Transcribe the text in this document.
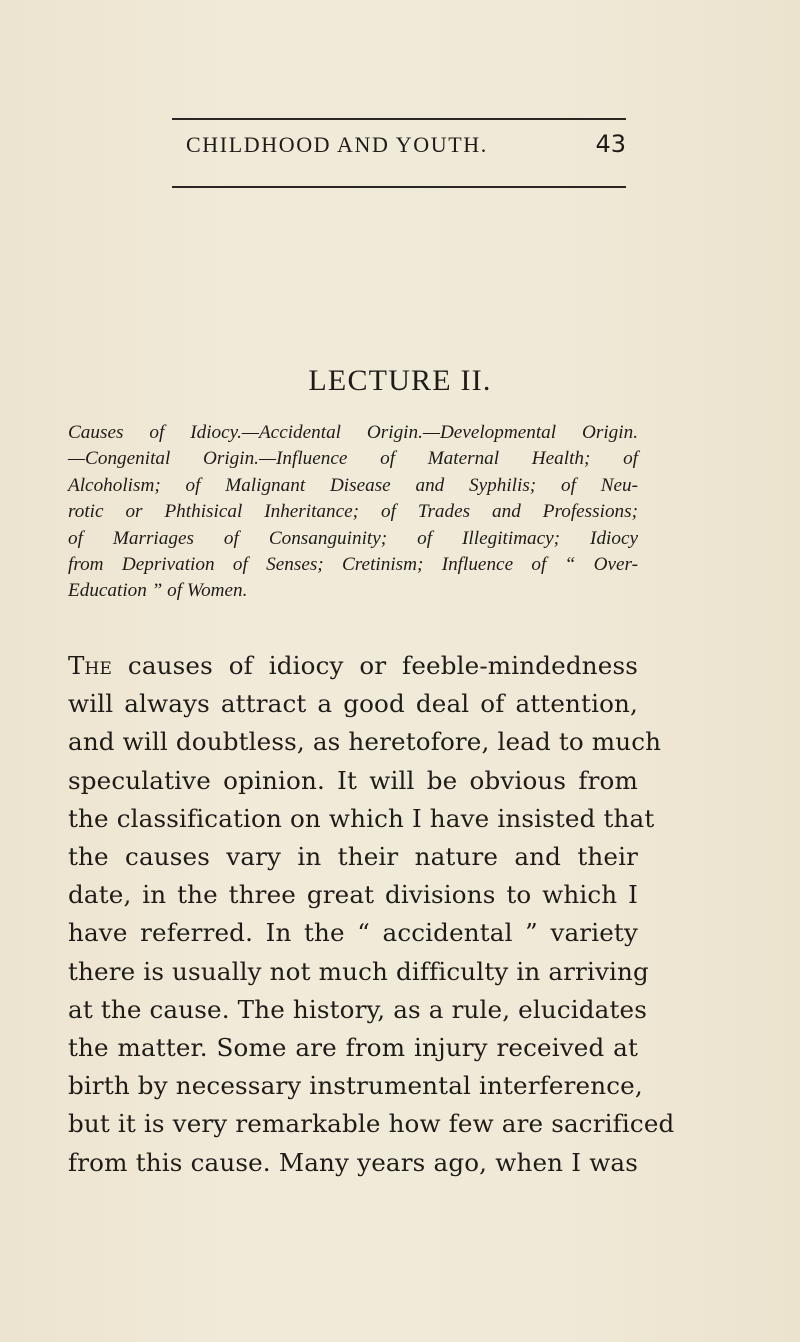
CHILDHOOD AND YOUTH.	43
LECTURE II.
Causes of Idiocy.—Accidental Origin.—Developmental Origin.
—Congenital Origin.—Influence of Maternal Health; of
Alcoholism; of Malignant Disease and Syphilis; of Neu-
rotic or Phthisical Inheritance; of Trades and Professions;
of Marriages of Consanguinity; of Illegitimacy; Idiocy
from Deprivation of Senses; Cretinism; Influence of “ Over-
Education ” of Women.
The causes of idiocy or feeble-mindedness
will always attract a good deal of attention,
and will doubtless, as heretofore, lead to much
speculative opinion. It will be obvious from
the classification on which I have insisted that
the causes vary in their nature and their
date, in the three great divisions to which I
have referred. In the “ accidental ” variety
there is usually not much difficulty in arriving
at the cause. The history, as a rule, elucidates
the matter. Some are from injury received at
birth by necessary instrumental interference,
but it is very remarkable how few are sacrificed
from this cause. Many years ago, when I was
